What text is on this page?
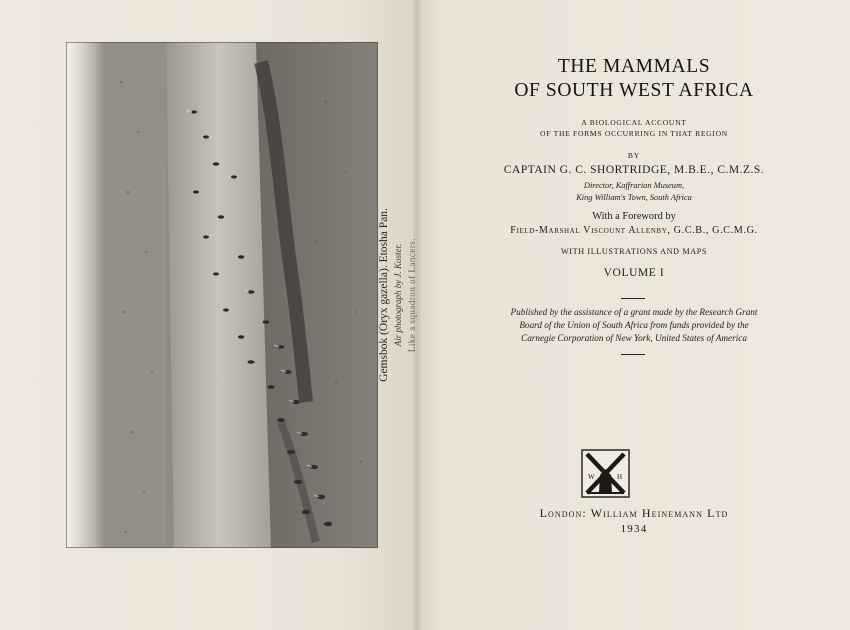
Gemsbok (Oryx gazella). Etosha Pan. Air photograph by J. Koster. Like a squadron of Lancers.
THE MAMMALS
OF SOUTH WEST AFRICA
A BIOLOGICAL ACCOUNT
OF THE FORMS OCCURRING IN THAT REGION
BY
CAPTAIN G. C. SHORTRIDGE, M.B.E., C.M.Z.S.
Director, Kaffrarian Museum,
King William's Town, South Africa
With a Foreword by
Field-Marshal Viscount Allenby, G.C.B., G.C.M.G.
WITH ILLUSTRATIONS AND MAPS
VOLUME I
Published by the assistance of a grant made by the Research Grant
Board of the Union of South Africa from funds provided by the
Carnegie Corporation of New York, United States of America
London: William Heinemann Ltd
1934
W	H
